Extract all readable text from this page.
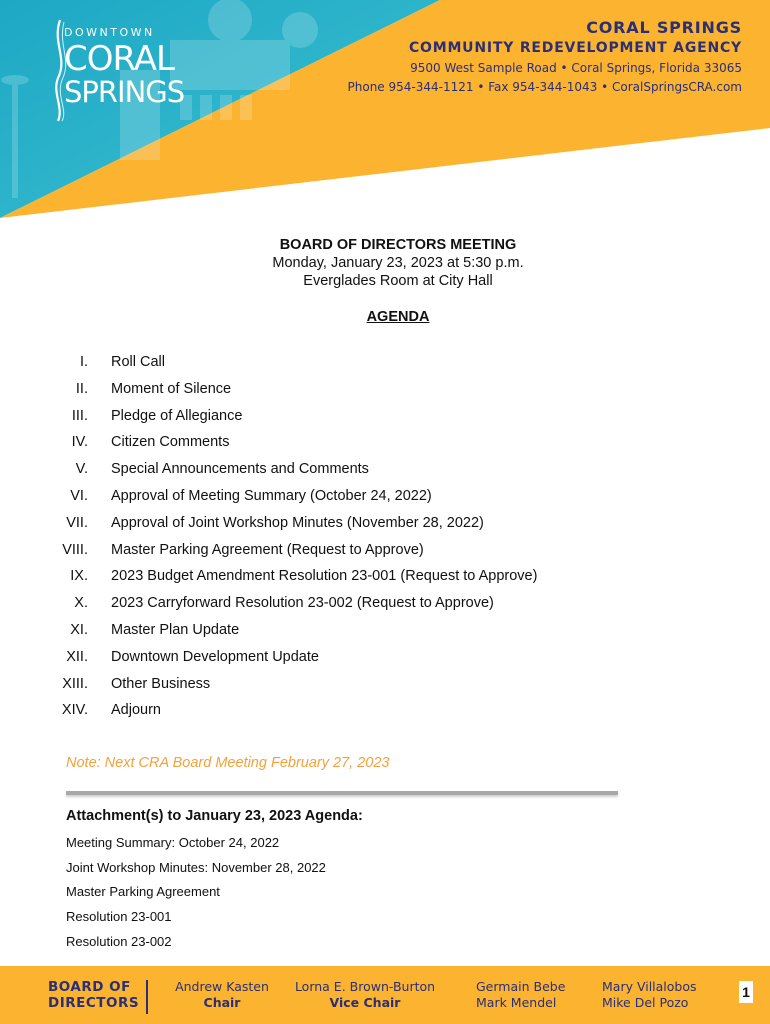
DOWNTOWN
CORAL
SPRINGS
CORAL SPRINGS
COMMUNITY REDEVELOPMENT AGENCY
9500 West Sample Road • Coral Springs, Florida 33065
Phone 954-344-1121 • Fax 954-344-1043 • CoralSpringsCRA.com
BOARD OF DIRECTORS MEETING
Monday, January 23, 2023 at 5:30 p.m.
Everglades Room at City Hall
AGENDA
I. Roll Call
II. Moment of Silence
III. Pledge of Allegiance
IV. Citizen Comments
V. Special Announcements and Comments
VI. Approval of Meeting Summary (October 24, 2022)
VII. Approval of Joint Workshop Minutes (November 28, 2022)
VIII. Master Parking Agreement (Request to Approve)
IX. 2023 Budget Amendment Resolution 23-001 (Request to Approve)
X. 2023 Carryforward Resolution 23-002 (Request to Approve)
XI. Master Plan Update
XII. Downtown Development Update
XIII. Other Business
XIV. Adjourn
Note: Next CRA Board Meeting February 27, 2023
Attachment(s) to January 23, 2023 Agenda:
Meeting Summary: October 24, 2022
Joint Workshop Minutes: November 28, 2022
Master Parking Agreement
Resolution 23-001
Resolution 23-002
BOARD OF
DIRECTORS
Andrew Kasten
Chair
Lorna E. Brown-Burton
Vice Chair
Germain Bebe
Mark Mendel
Mary Villalobos
Mike Del Pozo
1
